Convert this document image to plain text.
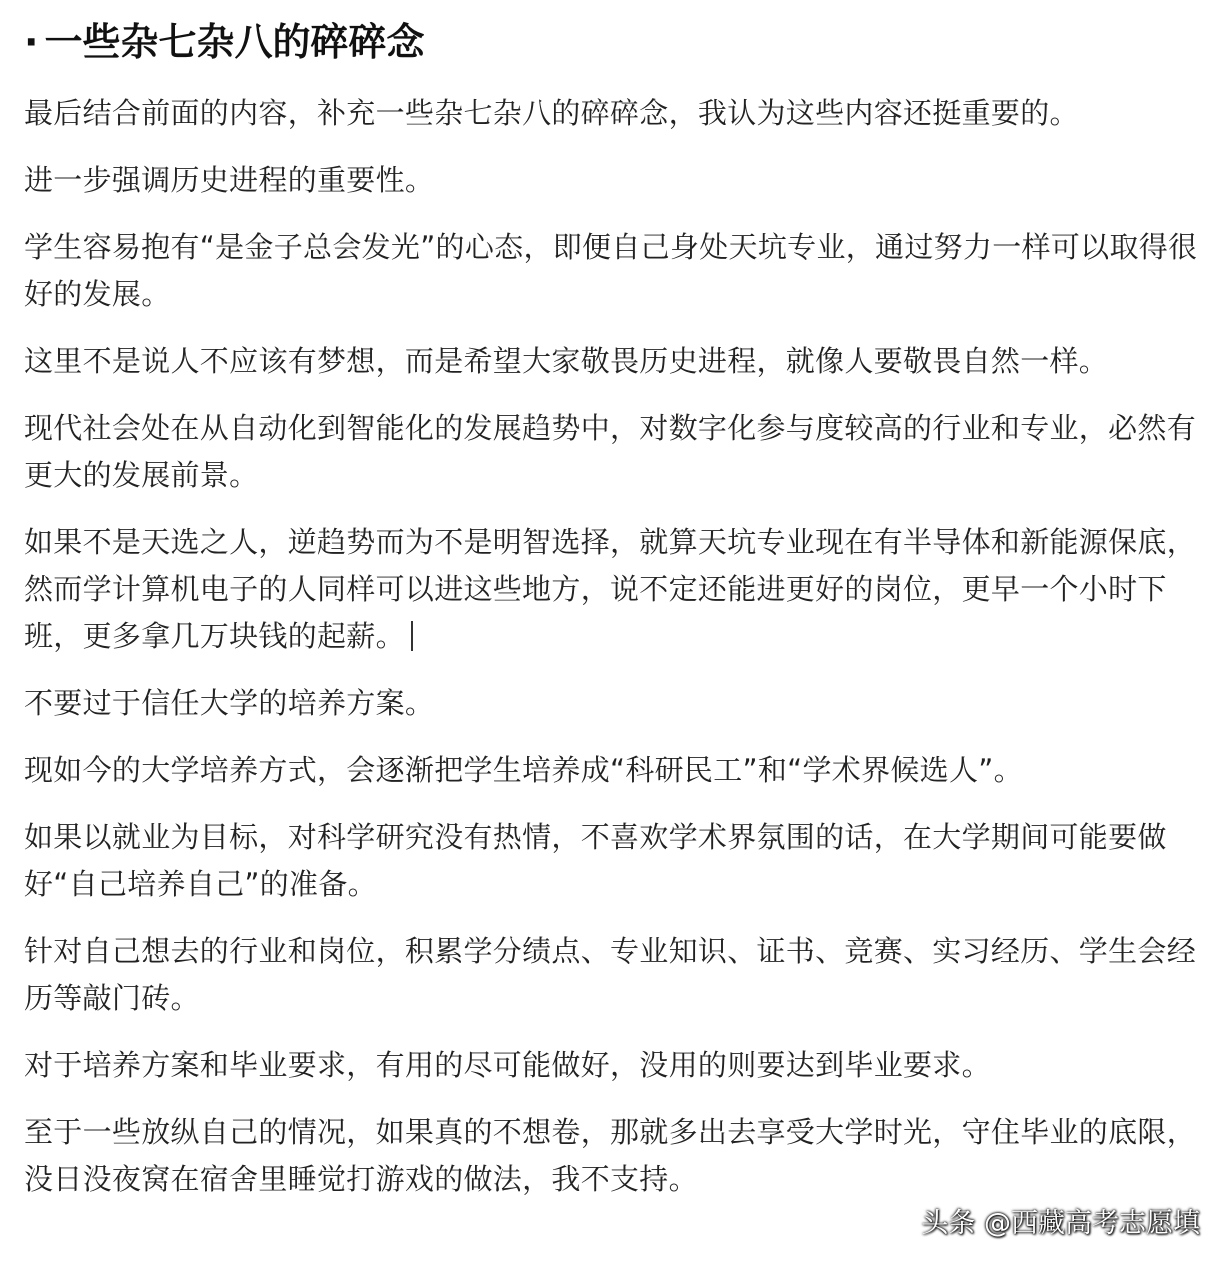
· 一些杂七杂八的碎碎念

最后结合前面的内容，补充一些杂七杂八的碎碎念，我认为这些内容还挺重要的。

进一步强调历史进程的重要性。

学生容易抱有“是金子总会发光”的心态，即便自己身处天坑专业，通过努力一样可以取得很好的发展。

这里不是说人不应该有梦想，而是希望大家敬畏历史进程，就像人要敬畏自然一样。

现代社会处在从自动化到智能化的发展趋势中，对数字化参与度较高的行业和专业，必然有更大的发展前景。

如果不是天选之人，逆趋势而为不是明智选择，就算天坑专业现在有半导体和新能源保底，然而学计算机电子的人同样可以进这些地方，说不定还能进更好的岗位，更早一个小时下班，更多拿几万块钱的起薪。

不要过于信任大学的培养方案。

现如今的大学培养方式，会逐渐把学生培养成“科研民工”和“学术界候选人”。

如果以就业为目标，对科学研究没有热情，不喜欢学术界氛围的话，在大学期间可能要做好“自己培养自己”的准备。

针对自己想去的行业和岗位，积累学分绩点、专业知识、证书、竞赛、实习经历、学生会经历等敲门砖。

对于培养方案和毕业要求，有用的尽可能做好，没用的则要达到毕业要求。

至于一些放纵自己的情况，如果真的不想卷，那就多出去享受大学时光，守住毕业的底限，没日没夜窝在宿舍里睡觉打游戏的做法，我不支持。

头条 @西藏高考志愿填
